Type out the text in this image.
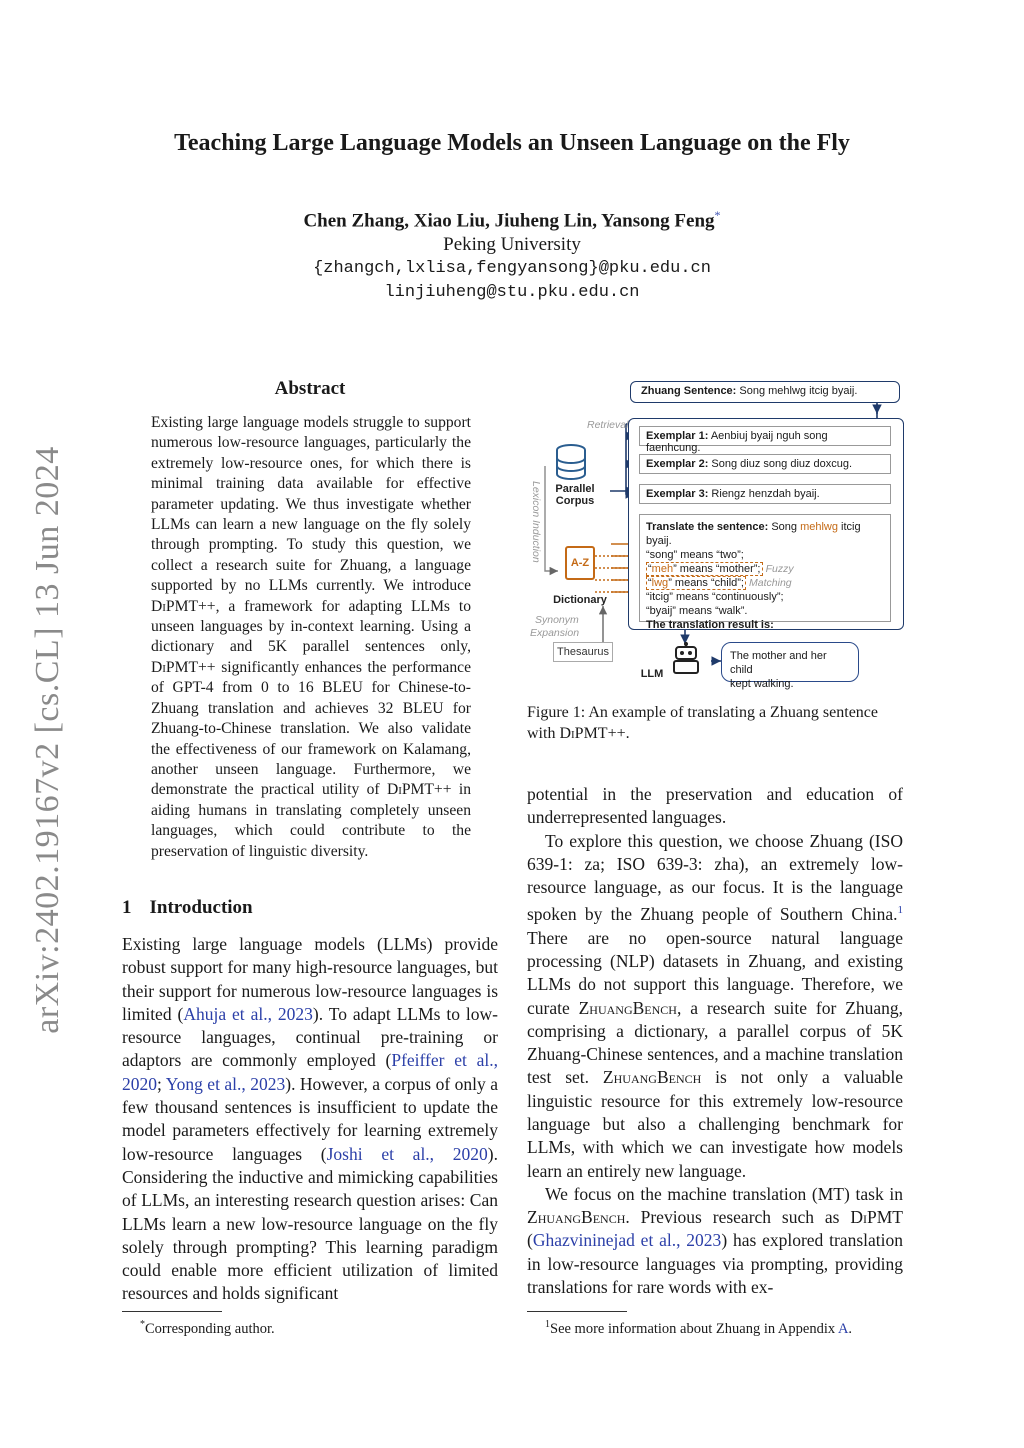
arXiv:2402.19167v2 [cs.CL] 13 Jun 2024
Teaching Large Language Models an Unseen Language on the Fly
Chen Zhang, Xiao Liu, Jiuheng Lin, Yansong Feng*
Peking University
{zhangch,lxlisa,fengyansong}@pku.edu.cn
linjiuheng@stu.pku.edu.cn
Abstract
Existing large language models struggle to support numerous low-resource languages, particularly the extremely low-resource ones, for which there is minimal training data available for effective parameter updating. We thus investigate whether LLMs can learn a new language on the fly solely through prompting. To study this question, we collect a research suite for Zhuang, a language supported by no LLMs currently. We introduce DiPMT++, a framework for adapting LLMs to unseen languages by in-context learning. Using a dictionary and 5K parallel sentences only, DiPMT++ significantly enhances the performance of GPT-4 from 0 to 16 BLEU for Chinese-to-Zhuang translation and achieves 32 BLEU for Zhuang-to-Chinese translation. We also validate the effectiveness of our framework on Kalamang, another unseen language. Furthermore, we demonstrate the practical utility of DiPMT++ in aiding humans in translating completely unseen languages, which could contribute to the preservation of linguistic diversity.
1 Introduction

Existing large language models (LLMs) provide robust support for many high-resource languages, but their support for numerous low-resource languages is limited (Ahuja et al., 2023). To adapt LLMs to low-resource languages, continual pre-training or adaptors are commonly employed (Pfeiffer et al., 2020; Yong et al., 2023). However, a corpus of only a few thousand sentences is insufficient to update the model parameters effectively for learning extremely low-resource languages (Joshi et al., 2020). Considering the inductive and mimicking capabilities of LLMs, an interesting research question arises: Can LLMs learn a new low-resource language on the fly solely through prompting? This learning paradigm could enable more efficient utilization of limited resources and holds significant

*Corresponding author.
Zhuang Sentence: Song mehlwg itcig byaij.
Retrieval
Lexicon Induction	Parallel
Corpus
A-Z
Dictionary
Synonym
Expansion
Thesaurus
Exemplar 1: Aenbiuj byaij nguh song faenhcung.
Exemplar 2: Song diuz song diuz doxcug.
Exemplar 3: Riengz henzdah byaij.
Translate the sentence: Song mehlwg itcig byaij.
“song” means “two”;
“meh” means “mother”; Fuzzy
“lwg” means “child”; Matching
“itcig” means “continuously”;
“byaij” means “walk”.
The translation result is:
LLM
The mother and her child
kept walking.
Figure 1: An example of translating a Zhuang sentence with DiPMT++.

potential in the preservation and education of underrepresented languages.

To explore this question, we choose Zhuang (ISO 639-1: za; ISO 639-3: zha), an extremely low-resource language, as our focus. It is the language spoken by the Zhuang people of Southern China.$^1$ There are no open-source natural language processing (NLP) datasets in Zhuang, and existing LLMs do not support this language. Therefore, we curate ZhuangBench, a research suite for Zhuang, comprising a dictionary, a parallel corpus of 5K Zhuang-Chinese sentences, and a machine translation test set. ZhuangBench is not only a valuable linguistic resource for this extremely low-resource language but also a challenging benchmark for LLMs, with which we can investigate how models learn an entirely new language.

We focus on the machine translation (MT) task in ZhuangBench. Previous research such as DiPMT (Ghazvininejad et al., 2023) has explored translation in low-resource languages via prompting, providing translations for rare words with ex-

$^1$See more information about Zhuang in Appendix A.
